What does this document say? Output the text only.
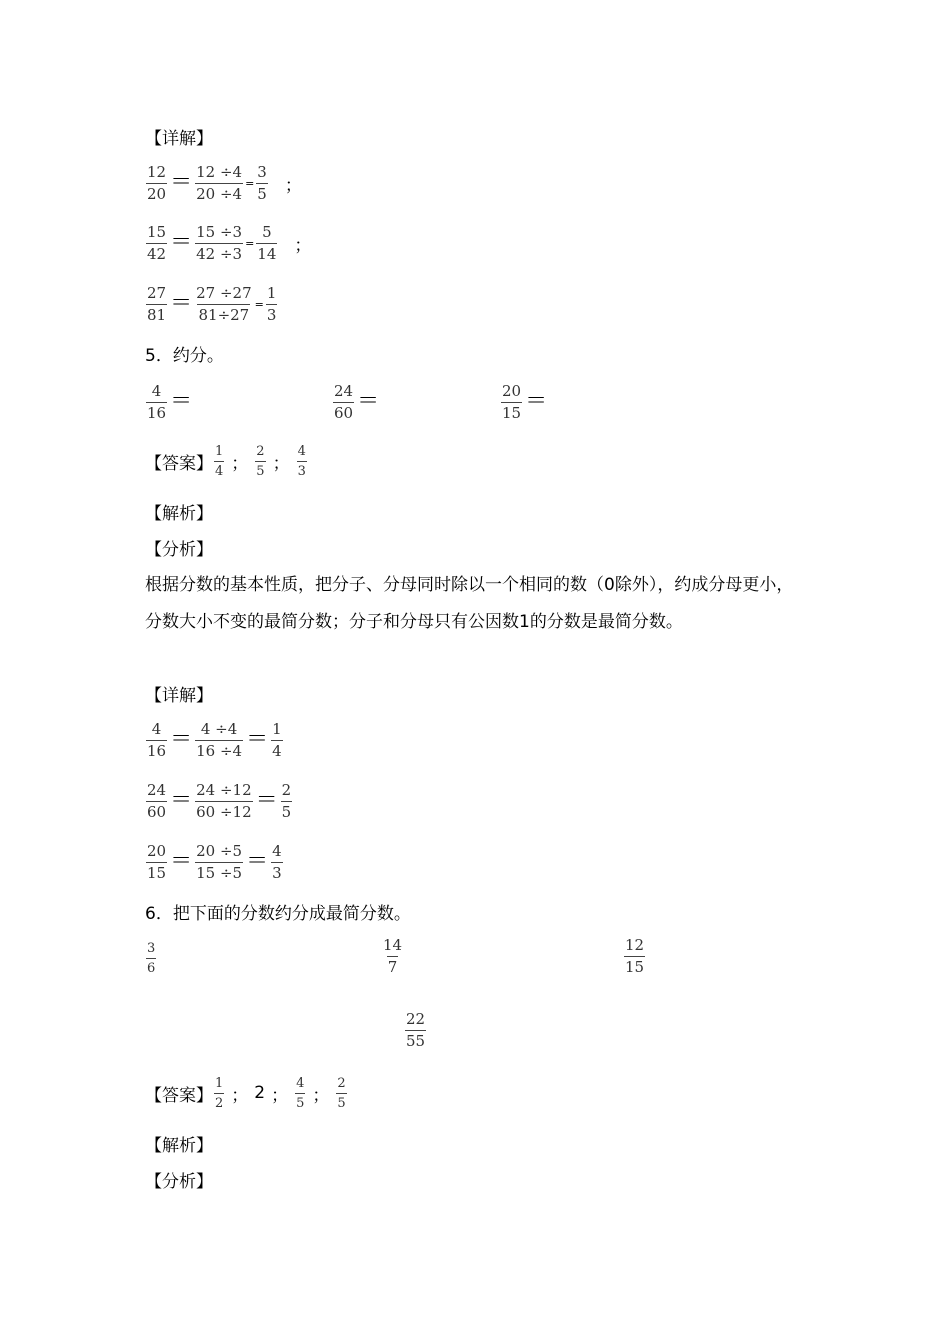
【详解】
$\frac{12}{20} = \frac{12 \div 4}{20 \div 4} = \frac{3}{5}$ ；
$\frac{15}{42} = \frac{15 \div 3}{42 \div 3} = \frac{5}{14}$ ；
$\frac{27}{81} = \frac{27 \div 27}{81\div 27} = \frac{1}{3}$
5．约分。
$\frac{4}{16}$ ＝	$\frac{24}{60}$ ＝	$\frac{20}{15}$ ＝
【答案】 $\frac{1}{4}$ ； $\frac{2}{5}$ ； $\frac{4}{3}$
【解析】
【分析】
根据分数的基本性质，把分子、分母同时除以一个相同的数（0除外），约成分母更小，分数大小不变的最简分数；分子和分母只有公因数1的分数是最简分数。
【详解】
$\frac{4}{16} = \frac{4 \div 4}{16 \div 4} = \frac{1}{4}$
$\frac{24}{60} = \frac{24 \div 12}{60 \div 12} = \frac{2}{5}$
$\frac{20}{15} = \frac{20 \div 5}{15 \div 5} = \frac{4}{3}$
6．把下面的分数约分成最简分数。
$\frac{3}{6}$	$\frac{14}{7}$	$\frac{12}{15}$
$\frac{22}{55}$
【答案】 $\frac{1}{2}$ ； 2 ； $\frac{4}{5}$ ； $\frac{2}{5}$
【解析】
【分析】
